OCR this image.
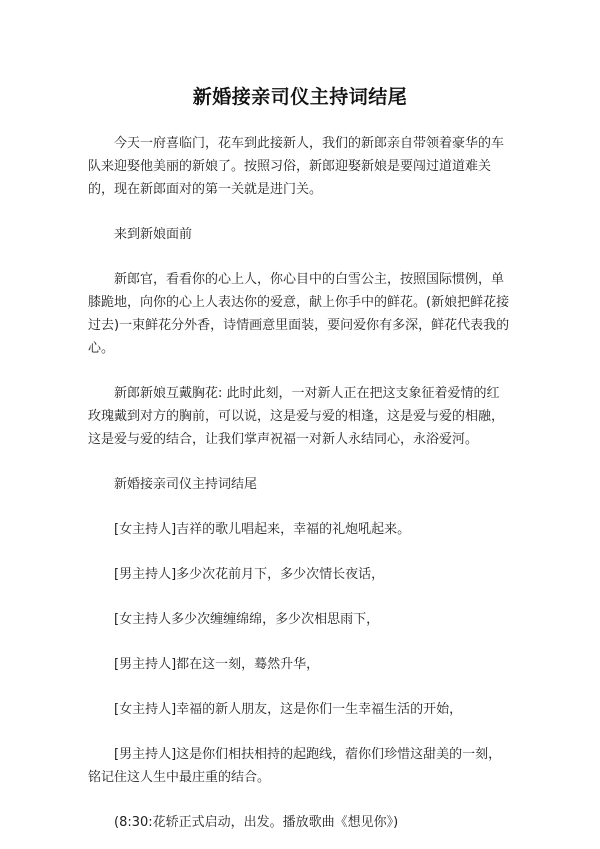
新婚接亲司仪主持词结尾

今天一府喜临门，花车到此接新人，我们的新郎亲自带领着豪华的车队来迎娶他美丽的新娘了。按照习俗，新郎迎娶新娘是要闯过道道难关的，现在新郎面对的第一关就是进门关。

来到新娘面前

新郎官，看看你的心上人，你心目中的白雪公主，按照国际惯例，单膝跪地，向你的心上人表达你的爱意，献上你手中的鲜花。(新娘把鲜花接过去)一束鲜花分外香，诗情画意里面装，要问爱你有多深，鲜花代表我的心。

新郎新娘互戴胸花: 此时此刻，一对新人正在把这支象征着爱情的红玫瑰戴到对方的胸前，可以说，这是爱与爱的相逢，这是爱与爱的相融，这是爱与爱的结合，让我们掌声祝福一对新人永结同心，永浴爱河。

新婚接亲司仪主持词结尾

[女主持人]吉祥的歌儿唱起来，幸福的礼炮吼起来。

[男主持人]多少次花前月下，多少次情长夜话，

[女主持人多少次缠缠绵绵，多少次相思雨下，

[男主持人]都在这一刻，蓦然升华，

[女主持人]幸福的新人朋友，这是你们一生幸福生活的开始，

[男主持人]这是你们相扶相持的起跑线，蓿你们珍惜这甜美的一刻，铭记住这人生中最庄重的结合。

(8:30:花轿正式启动，出发。播放歌曲《想见你》)
